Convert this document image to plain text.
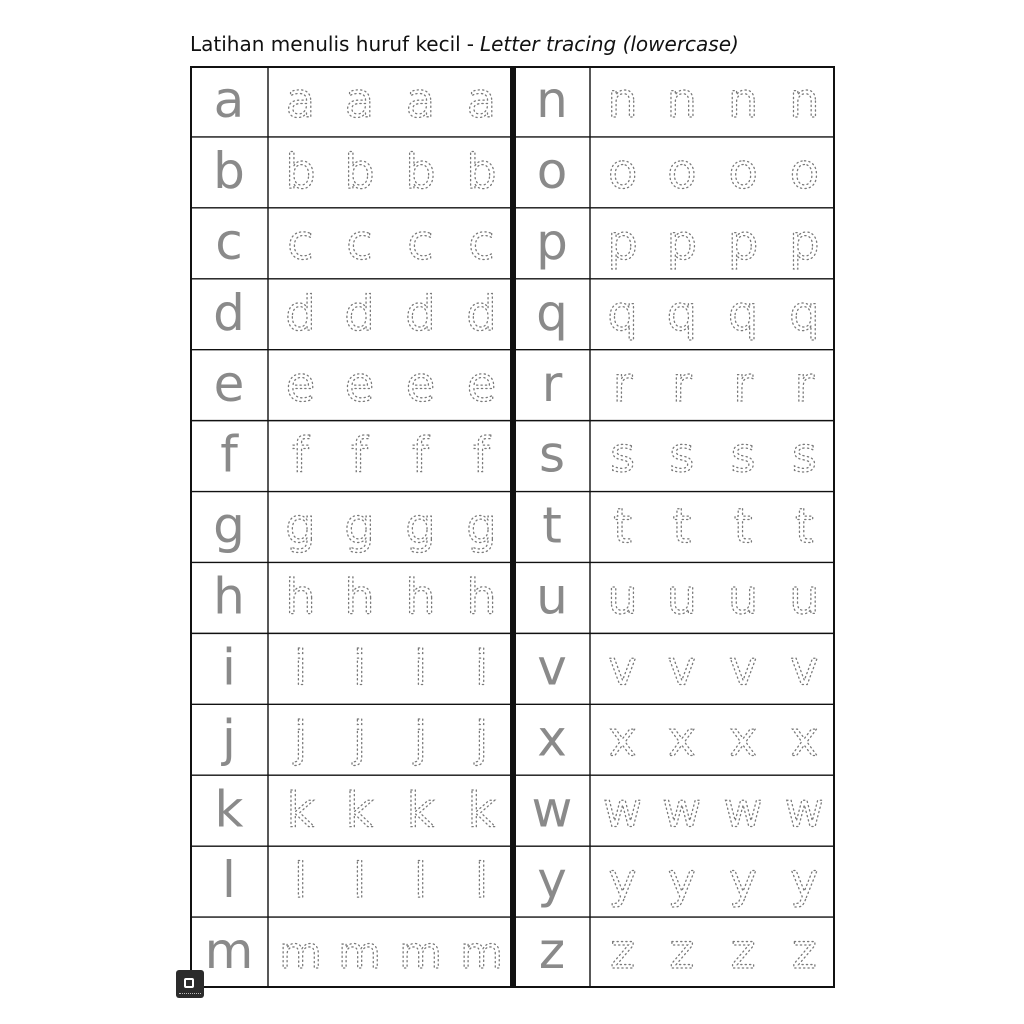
Latihan menulis huruf kecil - Letter tracing (lowercase)
a a a a a
b b b b b
c c c c c
d d d d d
e e e e e
f f f f f
g g g g g
h h h h h
i i i i i
j j j j j
k k k k k
l l l l l
m m m m m
n n n n n
o o o o o
p p p p p
q q q q q
r r r r r
s s s s s
t t t t t
u u u u u
v v v v v
x x x x x
w w w w w
y y y y y
z z z z z
